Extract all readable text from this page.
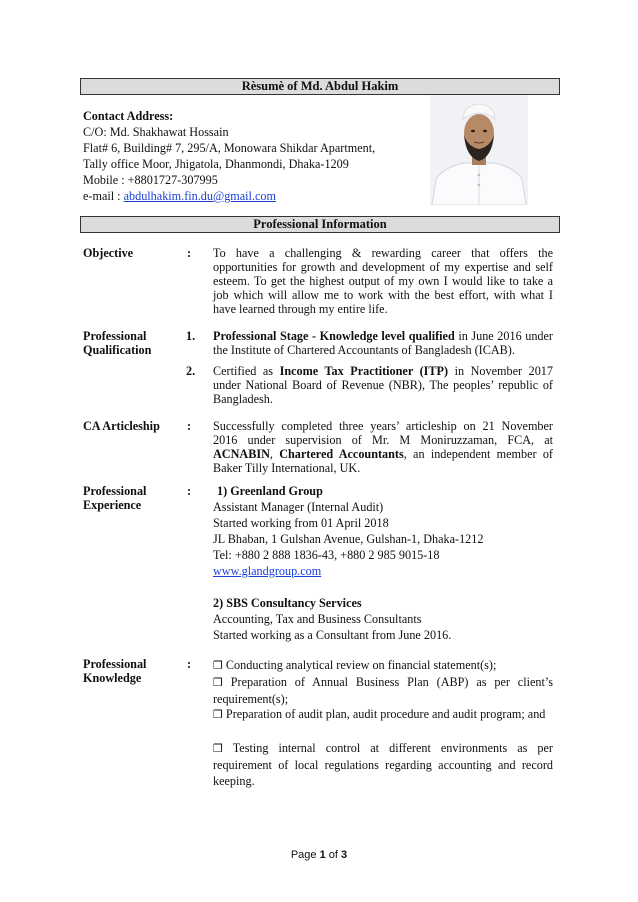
Rèsumè of Md. Abdul Hakim
Contact Address:
C/O: Md. Shakhawat Hossain
Flat# 6, Building# 7, 295/A, Monowara Shikdar Apartment,
Tally office Moor, Jhigatola, Dhanmondi, Dhaka-1209
Mobile : +8801727-307995
e-mail : abdulhakim.fin.du@gmail.com
Professional Information
Objective	: To have a challenging & rewarding career that offers the opportunities for growth and development of my expertise and self esteem. To get the highest output of my own I would like to take a job which will allow me to work with the best effort, with what I have learned through my entire life.
Professional
Qualification
1. Professional Stage - Knowledge level qualified in June 2016 under the Institute of Chartered Accountants of Bangladesh (ICAB).
2. Certified as Income Tax Practitioner (ITP) in November 2017 under National Board of Revenue (NBR), The peoples’ republic of Bangladesh.
CA Articleship : Successfully completed three years’ articleship on 21 November 2016 under supervision of Mr. M Moniruzzaman, FCA, at ACNABIN, Chartered Accountants, an independent member of Baker Tilly International, UK.
Professional
Experience
:	1) Greenland Group
Assistant Manager (Internal Audit)
Started working from 01 April 2018
JL Bhaban, 1 Gulshan Avenue, Gulshan-1, Dhaka-1212
Tel: +880 2 888 1836-43, +880 2 985 9015-18
www.glandgroup.com
2) SBS Consultancy Services
Accounting, Tax and Business Consultants
Started working as a Consultant from June 2016.
Professional
Knowledge
: ❒ Conducting analytical review on financial statement(s);
❒ Preparation of Annual Business Plan (ABP) as per client’s requirement(s);
❒ Preparation of audit plan, audit procedure and audit program; and
❒ Testing internal control at different environments as per requirement of local regulations regarding accounting and record keeping.
Page 1 of 3
